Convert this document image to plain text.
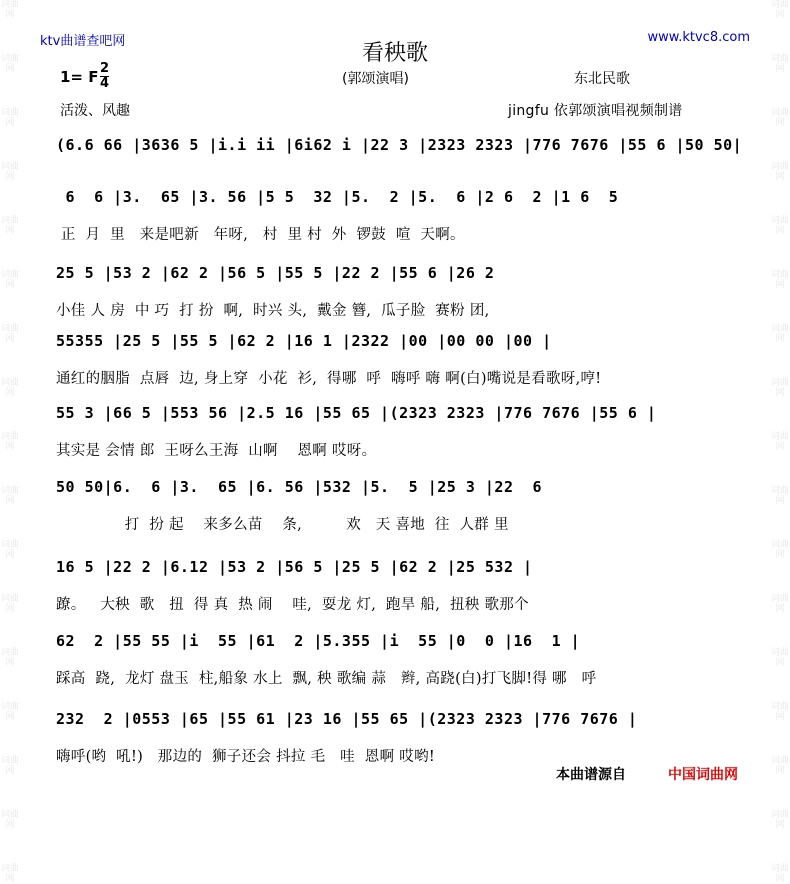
词曲网
词曲网
词曲网
词曲网
词曲网
词曲网
词曲网
词曲网
词曲网
词曲网
词曲网
词曲网
词曲网
词曲网
词曲网
词曲网
词曲网
词曲网
词曲网
词曲网
词曲网
词曲网
词曲网
词曲网
词曲网
词曲网
词曲网
词曲网
词曲网
词曲网
词曲网
词曲网
词曲网
词曲网
ktv曲谱查吧网	www.ktvc8.com
看秧歌
1= F $\frac{2}{4}$	(郭颂演唱)	东北民歌
活泼、风趣	jingfu 依郭颂演唱视频制谱
(6.6 66 |3636 5 |i.i ii |6i62 i |22 3 |2323 2323 |776 7676 |55 6 |50 50|
6  6 |3.  65 |3. 56 |5 5  32 |5.  2 |5.  6 |2 6  2 |1 6  5
正  月  里   来是吧新   年呀,   村  里 村  外  锣鼓  喧  天啊。
25 5 |53 2 |62 2 |56 5 |55 5 |22 2 |55 6 |26 2
小佳 人 房  中 巧  打 扮  啊,  时兴 头,  戴金 簪,  瓜子脸  赛粉 团,
55355 |25 5 |55 5 |62 2 |16 1 |2322 |00 |00 00 |00 |
通红的胭脂  点唇  边, 身上穿  小花  衫,  得哪  呼  嗨呼 嗨 啊(白)嘴说是看歌呀,哼!
55 3 |66 5 |553 56 |2.5 16 |55 65 |(2323 2323 |776 7676 |55 6 |
其实是 会情 郎  王呀么王海  山啊    恩啊 哎呀。
50 50|6.  6 |3.  65 |6. 56 |532 |5.  5 |25 3 |22  6
打  扮 起    来多么苗    条,         欢   天 喜地  往  人群 里
16 5 |22 2 |6.12 |53 2 |56 5 |25 5 |62 2 |25 532 |
蹽。   大秧  歌   扭  得 真  热 闹    哇,  耍龙 灯,  跑旱 船,  扭秧 歌那个
62  2 |55 55 |i  55 |61  2 |5.355 |i  55 |0  0 |16  1 |
踩高  跷,  龙灯 盘玉  柱,船象 水上  飘, 秧 歌编 蒜   辫, 高跷(白)打飞脚!得 哪   呼
232  2 |0553 |65 |55 61 |23 16 |55 65 |(2323 2323 |776 7676 |
嗨呼(哟  吼!)   那边的  狮子还会 抖拉 毛   哇  恩啊 哎哟!
本曲谱源自	中国词曲网
